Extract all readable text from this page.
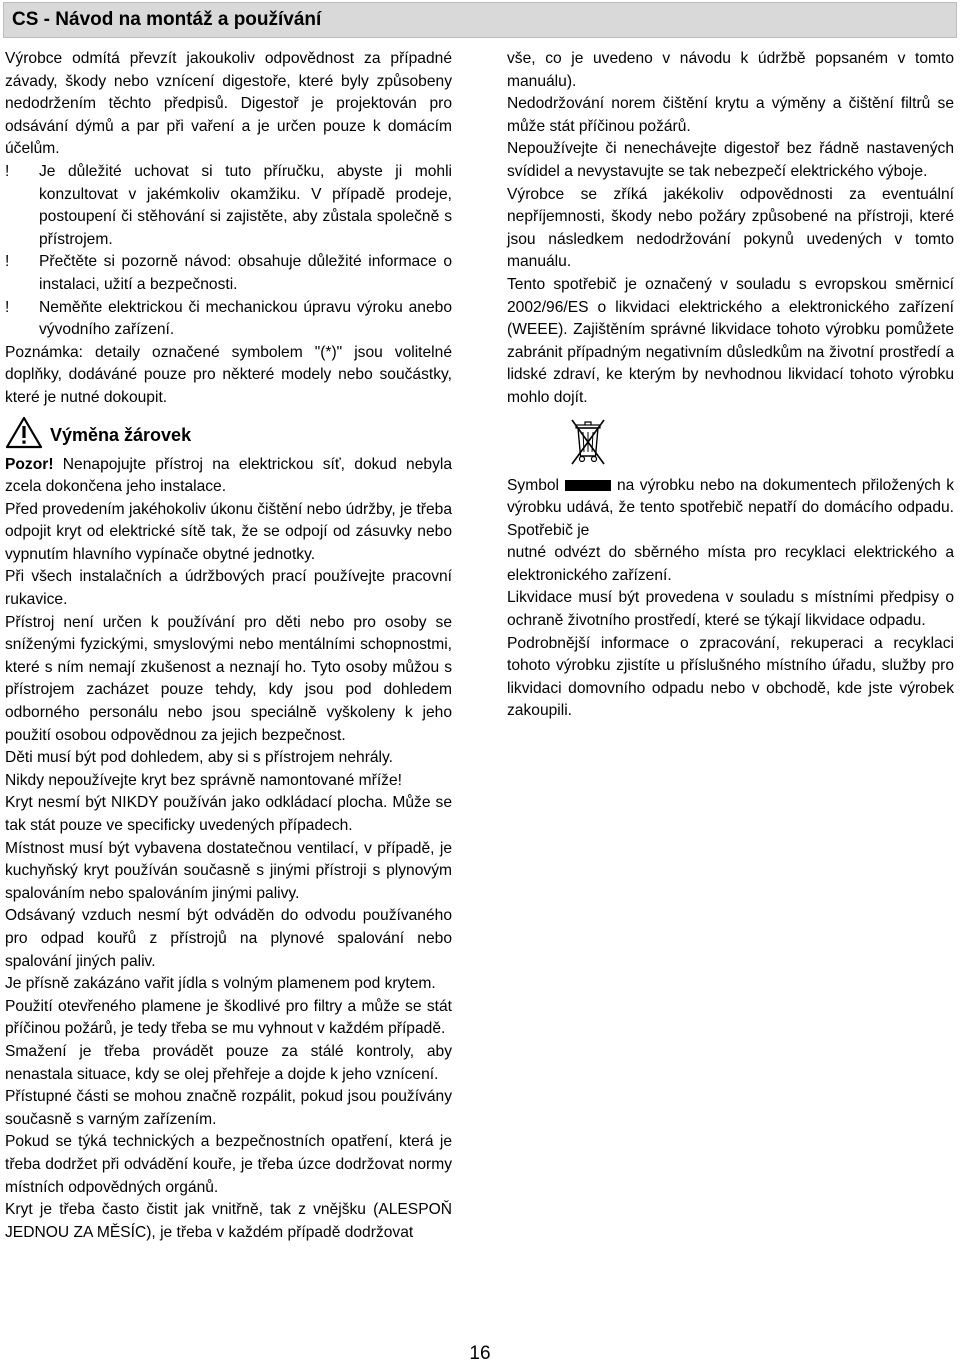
CS - Návod na montáž a používání

Výrobce odmítá převzít jakoukoliv odpovědnost za případné závady, škody nebo vznícení digestoře, které byly způsobeny nedodržením těchto předpisů. Digestoř je projektován pro odsávání dýmů a par při vaření a je určen pouze k domácím účelům.

! Je důležité uchovat si tuto příručku, abyste ji mohli konzultovat v jakémkoliv okamžiku. V případě prodeje, postoupení či stěhování si zajistěte, aby zůstala společně s přístrojem.

! Přečtěte si pozorně návod: obsahuje důležité informace o instalaci, užití a bezpečnosti.

! Neměňte elektrickou či mechanickou úpravu výroku anebo vývodního zařízení.

Poznámka: detaily označené symbolem "(*)" jsou volitelné doplňky, dodáváné pouze pro některé modely nebo součástky, které je nutné dokoupit.

Výměna žárovek

Pozor! Nenapojujte přístroj na elektrickou síť, dokud nebyla zcela dokončena jeho instalace.

Před provedením jakéhokoliv úkonu čištění nebo údržby, je třeba odpojit kryt od elektrické sítě tak, že se odpojí od zásuvky nebo vypnutím hlavního vypínače obytné jednotky.

Při všech instalačních a údržbových prací používejte pracovní rukavice.

Přístroj není určen k používání pro děti nebo pro osoby se sníženými fyzickými, smyslovými nebo mentálními schopnostmi, které s ním nemají zkušenost a neznají ho. Tyto osoby můžou s přístrojem zacházet pouze tehdy, kdy jsou pod dohledem odborného personálu nebo jsou speciálně vyškoleny k jeho použití osobou odpovědnou za jejich bezpečnost.

Děti musí být pod dohledem, aby si s přístrojem nehrály.

Nikdy nepoužívejte kryt bez správně namontované mříže!

Kryt nesmí být NIKDY používán jako odkládací plocha. Může se tak stát pouze ve specificky uvedených případech.

Místnost musí být vybavena dostatečnou ventilací, v případě, je kuchyňský kryt používán současně s jinými přístroji s plynovým spalováním nebo spalováním jinými palivy.

Odsávaný vzduch nesmí být odváděn do odvodu používaného pro odpad kouřů z přístrojů na plynové spalování nebo spalování jiných paliv.

Je přísně zakázáno vařit jídla s volným plamenem pod krytem.

Použití otevřeného plamene je škodlivé pro filtry a může se stát příčinou požárů, je tedy třeba se mu vyhnout v každém případě.

Smažení je třeba provádět pouze za stálé kontroly, aby nenastala situace, kdy se olej přehřeje a dojde k jeho vznícení.

Přístupné části se mohou značně rozpálit, pokud jsou používány současně s varným zařízením.

Pokud se týká technických a bezpečnostních opatření, která je třeba dodržet při odvádění kouře, je třeba úzce dodržovat normy místních odpovědných orgánů.

Kryt je třeba často čistit jak vnitřně, tak z vnějšku (ALESPOŇ JEDNOU ZA MĚSÍC), je třeba v každém případě dodržovat

vše, co je uvedeno v návodu k údržbě popsaném v tomto manuálu).

Nedodržování norem čištění krytu a výměny a čištění filtrů se může stát příčinou požárů.

Nepoužívejte či nenechávejte digestoř bez řádně nastavených svídidel a nevystavujte se tak nebezpečí elektrického výboje.

Výrobce se zříká jakékoliv odpovědnosti za eventuální nepříjemnosti, škody nebo požáry způsobené na přístroji, které jsou následkem nedodržování pokynů uvedených v tomto manuálu.

Tento spotřebič je označený v souladu s evropskou směrnicí 2002/96/ES o likvidaci elektrického a elektronického zařízení (WEEE). Zajištěním správné likvidace tohoto výrobku pomůžete zabránit případným negativním důsledkům na životní prostředí a lidské zdraví, ke kterým by nevhodnou likvidací tohoto výrobku mohlo dojít.

Symbol	na výrobku nebo na dokumentech přiložených k výrobku udává, že tento spotřebič nepatří do domácího odpadu. Spotřebič je

nutné odvézt do sběrného místa pro recyklaci elektrického a elektronického zařízení.

Likvidace musí být provedena v souladu s místními předpisy o ochraně životního prostředí, které se týkají likvidace odpadu.

Podrobnější informace o zpracování, rekuperaci a recyklaci tohoto výrobku zjistíte u příslušného místního úřadu, služby pro likvidaci domovního odpadu nebo v obchodě, kde jste výrobek zakoupili.

16
